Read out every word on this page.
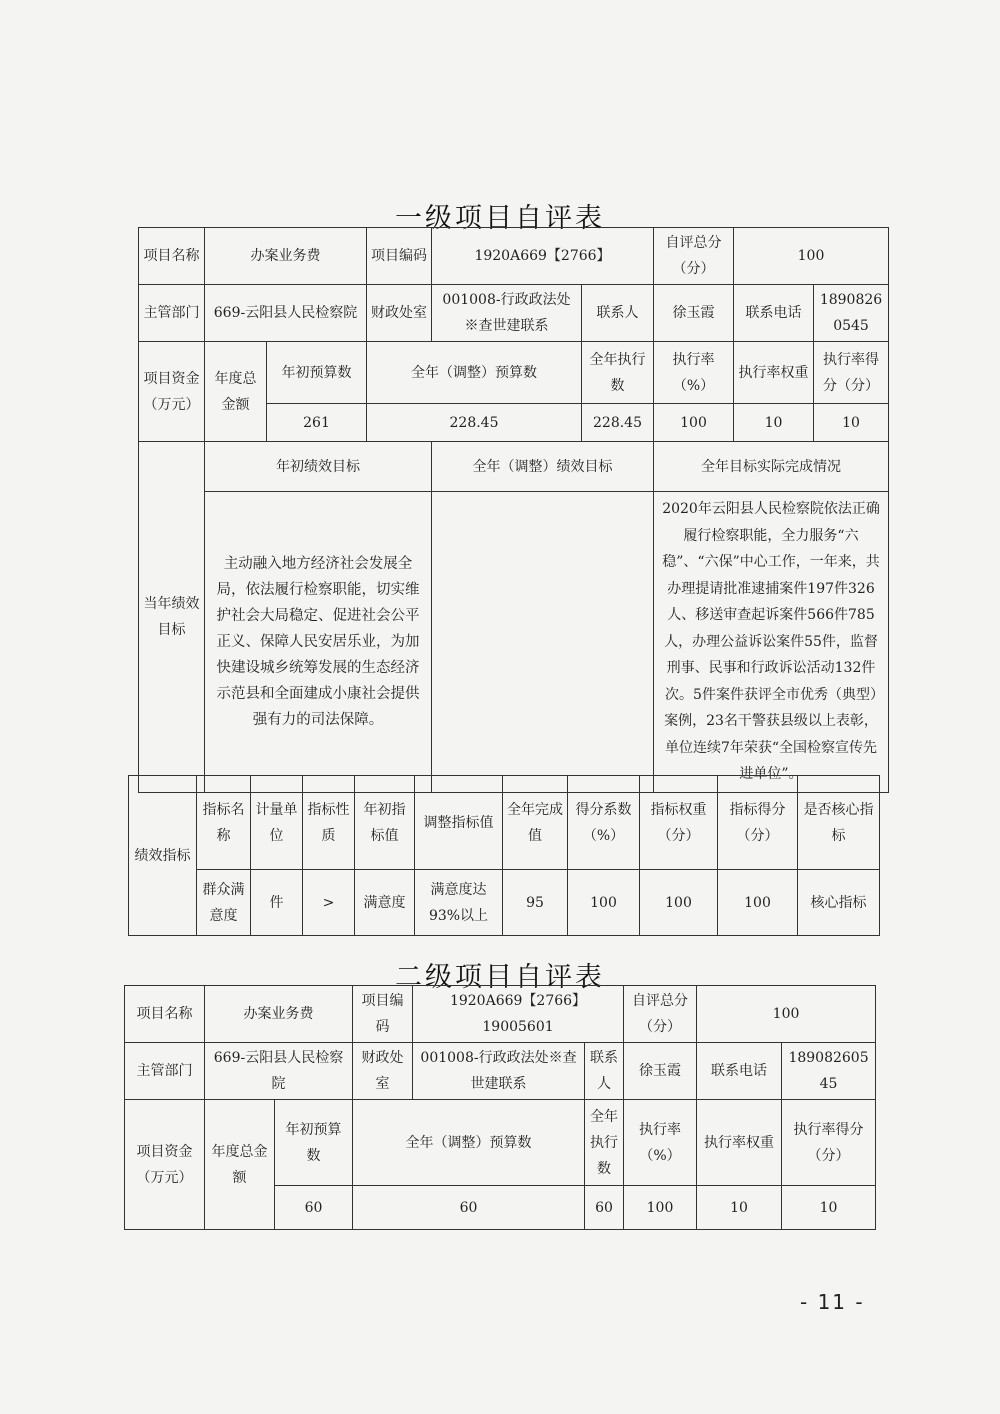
一级项目自评表
项目名称	办案业务费		项目编码	1920A669【2766】		自评总分（分）	100	
主管部门	669-云阳县人民检察院		财政处室	001008-行政政法处※查世建联系	联系人	徐玉霞	联系电话	18908260545
项目资金（万元）	年度总金额	年初预算数	全年（调整）预算数		全年执行数	执行率（%）	执行率权重	执行率得分（分）
		261	228.45		228.45	100	10	10
当年绩效目标	年初绩效目标			全年（调整）绩效目标		全年目标实际完成情况		
	主动融入地方经济社会发展全局，依法履行检察职能，切实维护社会大局稳定、促进社会公平正义、保障人民安居乐业，为加快建设城乡统筹发展的生态经济示范县和全面建成小康社会提供强有力的司法保障。					2020年云阳县人民检察院依法正确履行检察职能，全力服务“六稳”、“六保”中心工作，一年来，共办理提请批准逮捕案件197件326人、移送审查起诉案件566件785人，办理公益诉讼案件55件，监督刑事、民事和行政诉讼活动132件次。5件案件获评全市优秀（典型）案例，23名干警获县级以上表彰，单位连续7年荣获“全国检察宣传先进单位”。		
绩效指标	指标名称	计量单位	指标性质	年初指标值	调整指标值	全年完成值	得分系数（%）	指标权重（分）	指标得分（分）	是否核心指标
	群众满意度	件	>	满意度	满意度达93%以上	95	100	100	100	核心指标
二级项目自评表
项目名称	办案业务费		项目编码	1920A669【2766】19005601		自评总分（分）	100	
主管部门	669-云阳县人民检察院		财政处室	001008-行政政法处※查世建联系	联系人	徐玉霞	联系电话	18908260545
项目资金（万元）	年度总金额	年初预算数	全年（调整）预算数		全年执行数	执行率（%）	执行率权重	执行率得分（分）
		60	60		60	100	10	10
- 11 -
